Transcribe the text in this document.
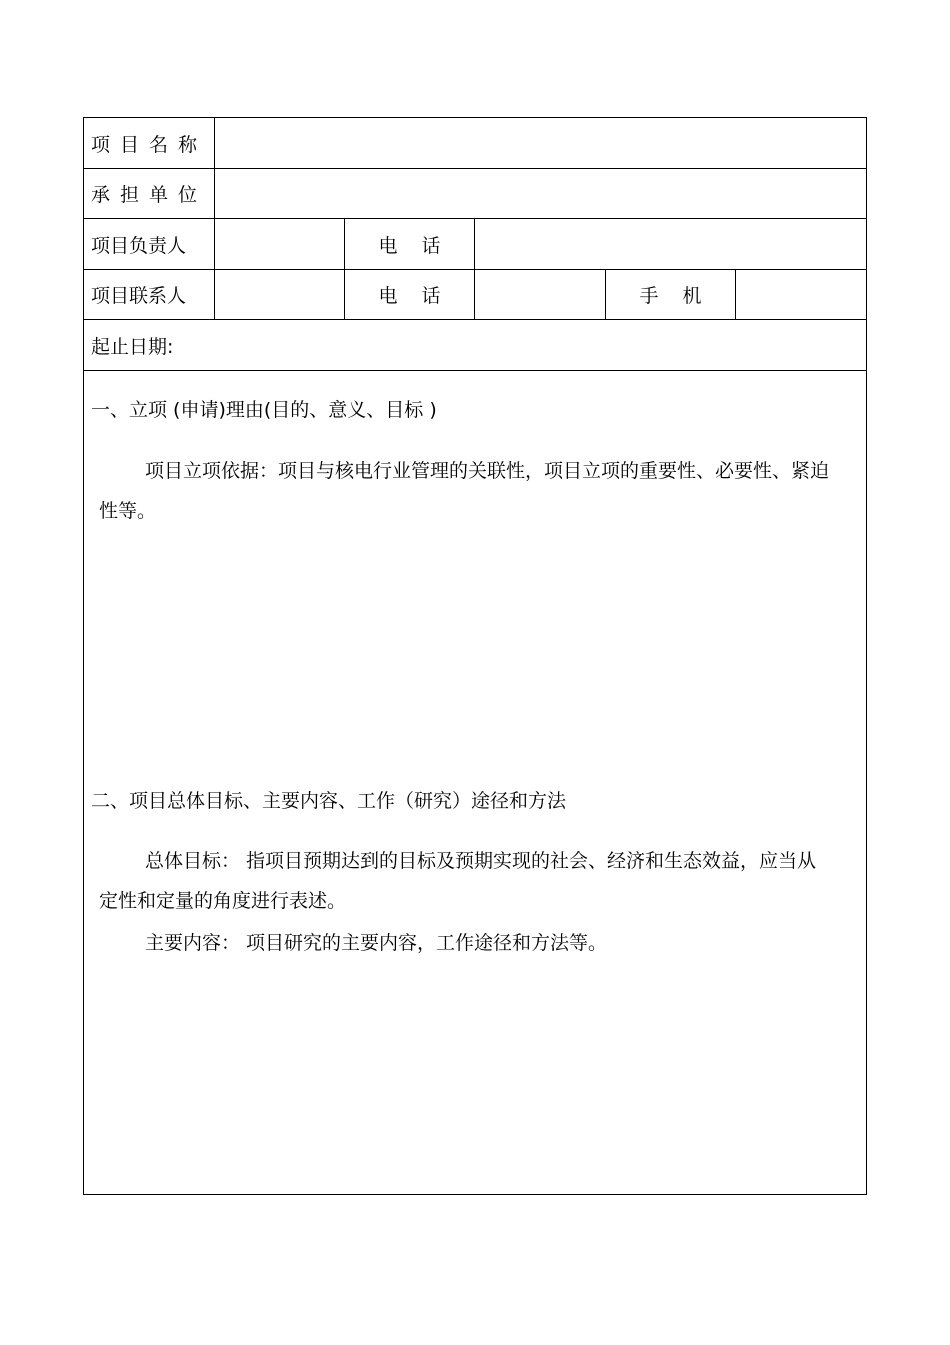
项目名称
承担单位
项目负责人	电话
项目联系人	电话	手机
起止日期:
一、立项 (申请)理由(目的、意义、目标 )
项目立项依据：项目与核电行业管理的关联性，项目立项的重要性、必要性、紧迫性等。
二、项目总体目标、主要内容、工作（研究）途径和方法
总体目标： 指项目预期达到的目标及预期实现的社会、经济和生态效益，应当从定性和定量的角度进行表述。
主要内容： 项目研究的主要内容，工作途径和方法等。
